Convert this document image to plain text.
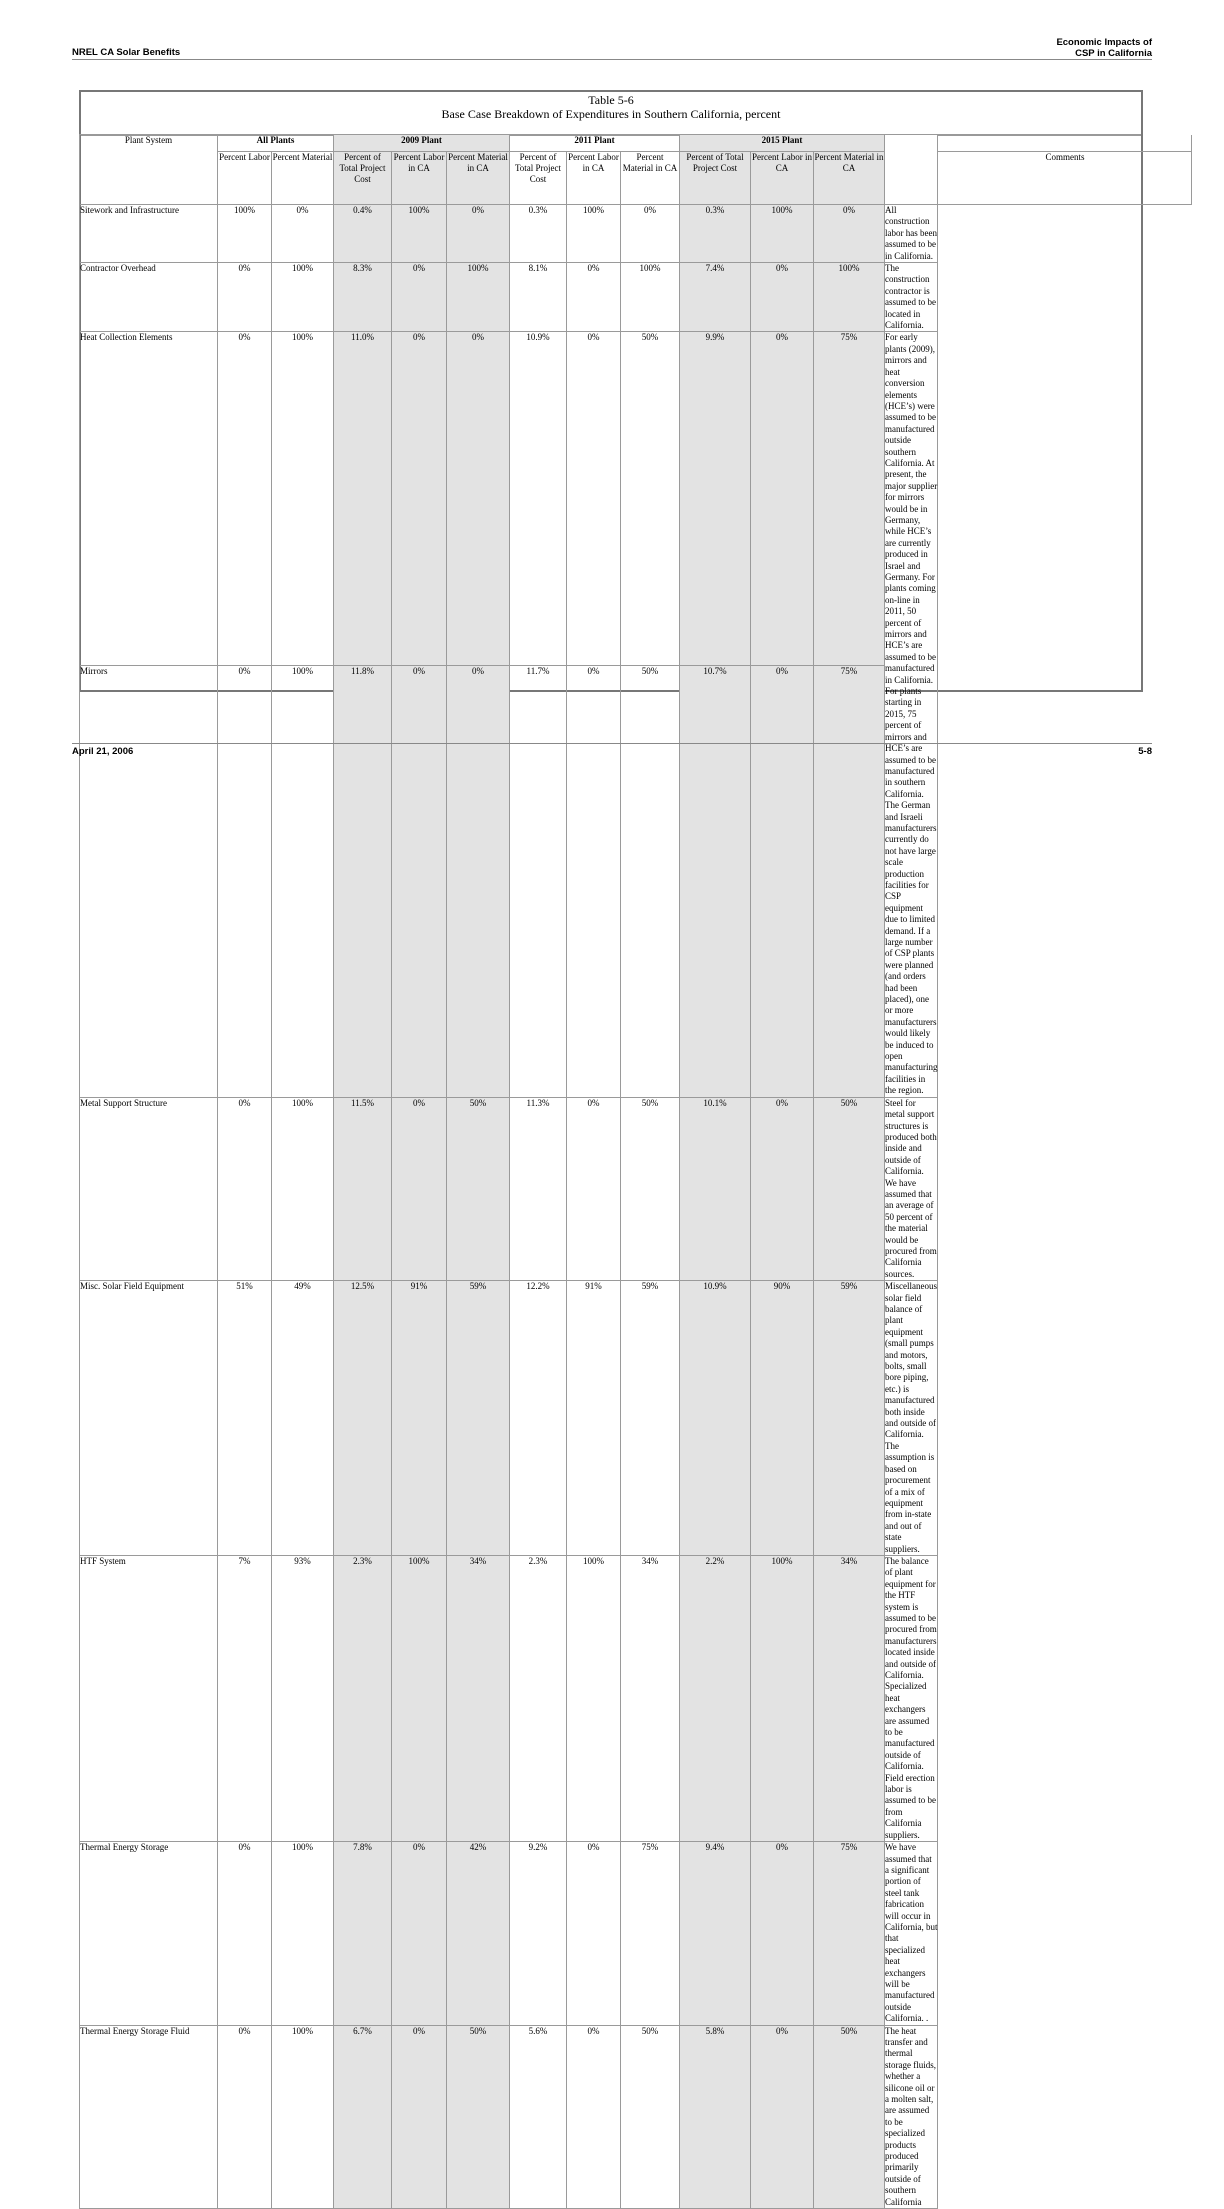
NREL CA Solar Benefits
Economic Impacts of
CSP in California
Table 5-6
Base Case Breakdown of Expenditures in Southern California, percent
Plant System	All Plants		2009 Plant			2011 Plant			2015 Plant				
	Percent Labor	Percent Material	Percent of Total Project Cost	Percent Labor in CA	Percent Material in CA	Percent of Total Project Cost	Percent Labor in CA	Percent Material in CA	Percent of Total Project Cost	Percent Labor in CA	Percent Material in CA		Comments
Sitework and Infrastructure	100%	0%	0.4%	100%	0%	0.3%	100%	0%	0.3%	100%	0%	All construction labor has been assumed to be in California.	
Contractor Overhead	0%	100%	8.3%	0%	100%	8.1%	0%	100%	7.4%	0%	100%	The construction contractor is assumed to be located in California.	
Heat Collection Elements	0%	100%	11.0%	0%	0%	10.9%	0%	50%	9.9%	0%	75%	For early plants (2009), mirrors and heat conversion elements (HCE’s) were assumed to be manufactured outside southern California. At present, the major supplier for mirrors would be in Germany, while HCE’s are currently produced in Israel and Germany. For plants coming on-line in 2011, 50 percent of mirrors and HCE’s are assumed to be manufactured in California. For plants starting in 2015, 75 percent of mirrors and HCE’s are assumed to be manufactured in southern California. The German and Israeli manufacturers currently do not have large scale production facilities for CSP equipment due to limited demand. If a large number of CSP plants were planned (and orders had been placed), one or more manufacturers would likely be induced to open manufacturing facilities in the region.	
Mirrors	0%	100%	11.8%	0%	0%	11.7%	0%	50%	10.7%	0%	75%		
Metal Support Structure	0%	100%	11.5%	0%	50%	11.3%	0%	50%	10.1%	0%	50%	Steel for metal support structures is produced both inside and outside of California. We have assumed that an average of 50 percent of the material would be procured from California sources.	
Misc. Solar Field Equipment	51%	49%	12.5%	91%	59%	12.2%	91%	59%	10.9%	90%	59%	Miscellaneous solar field balance of plant equipment (small pumps and motors, bolts, small bore piping, etc.) is manufactured both inside and outside of California. The assumption is based on procurement of a mix of equipment from in-state and out of state suppliers.	
HTF System	7%	93%	2.3%	100%	34%	2.3%	100%	34%	2.2%	100%	34%	The balance of plant equipment for the HTF system is assumed to be procured from manufacturers located inside and outside of California. Specialized heat exchangers are assumed to be manufactured outside of California. Field erection labor is assumed to be from California suppliers.	
Thermal Energy Storage	0%	100%	7.8%	0%	42%	9.2%	0%	75%	9.4%	0%	75%	We have assumed that a significant portion of steel tank fabrication will occur in California, but that specialized heat exchangers will be manufactured outside California. .	
Thermal Energy Storage Fluid	0%	100%	6.7%	0%	50%	5.6%	0%	50%	5.8%	0%	50%	The heat transfer and thermal storage fluids, whether a silicone oil or a molten salt, are assumed to be specialized products produced primarily outside of southern California	
April 21, 2006	5-8
